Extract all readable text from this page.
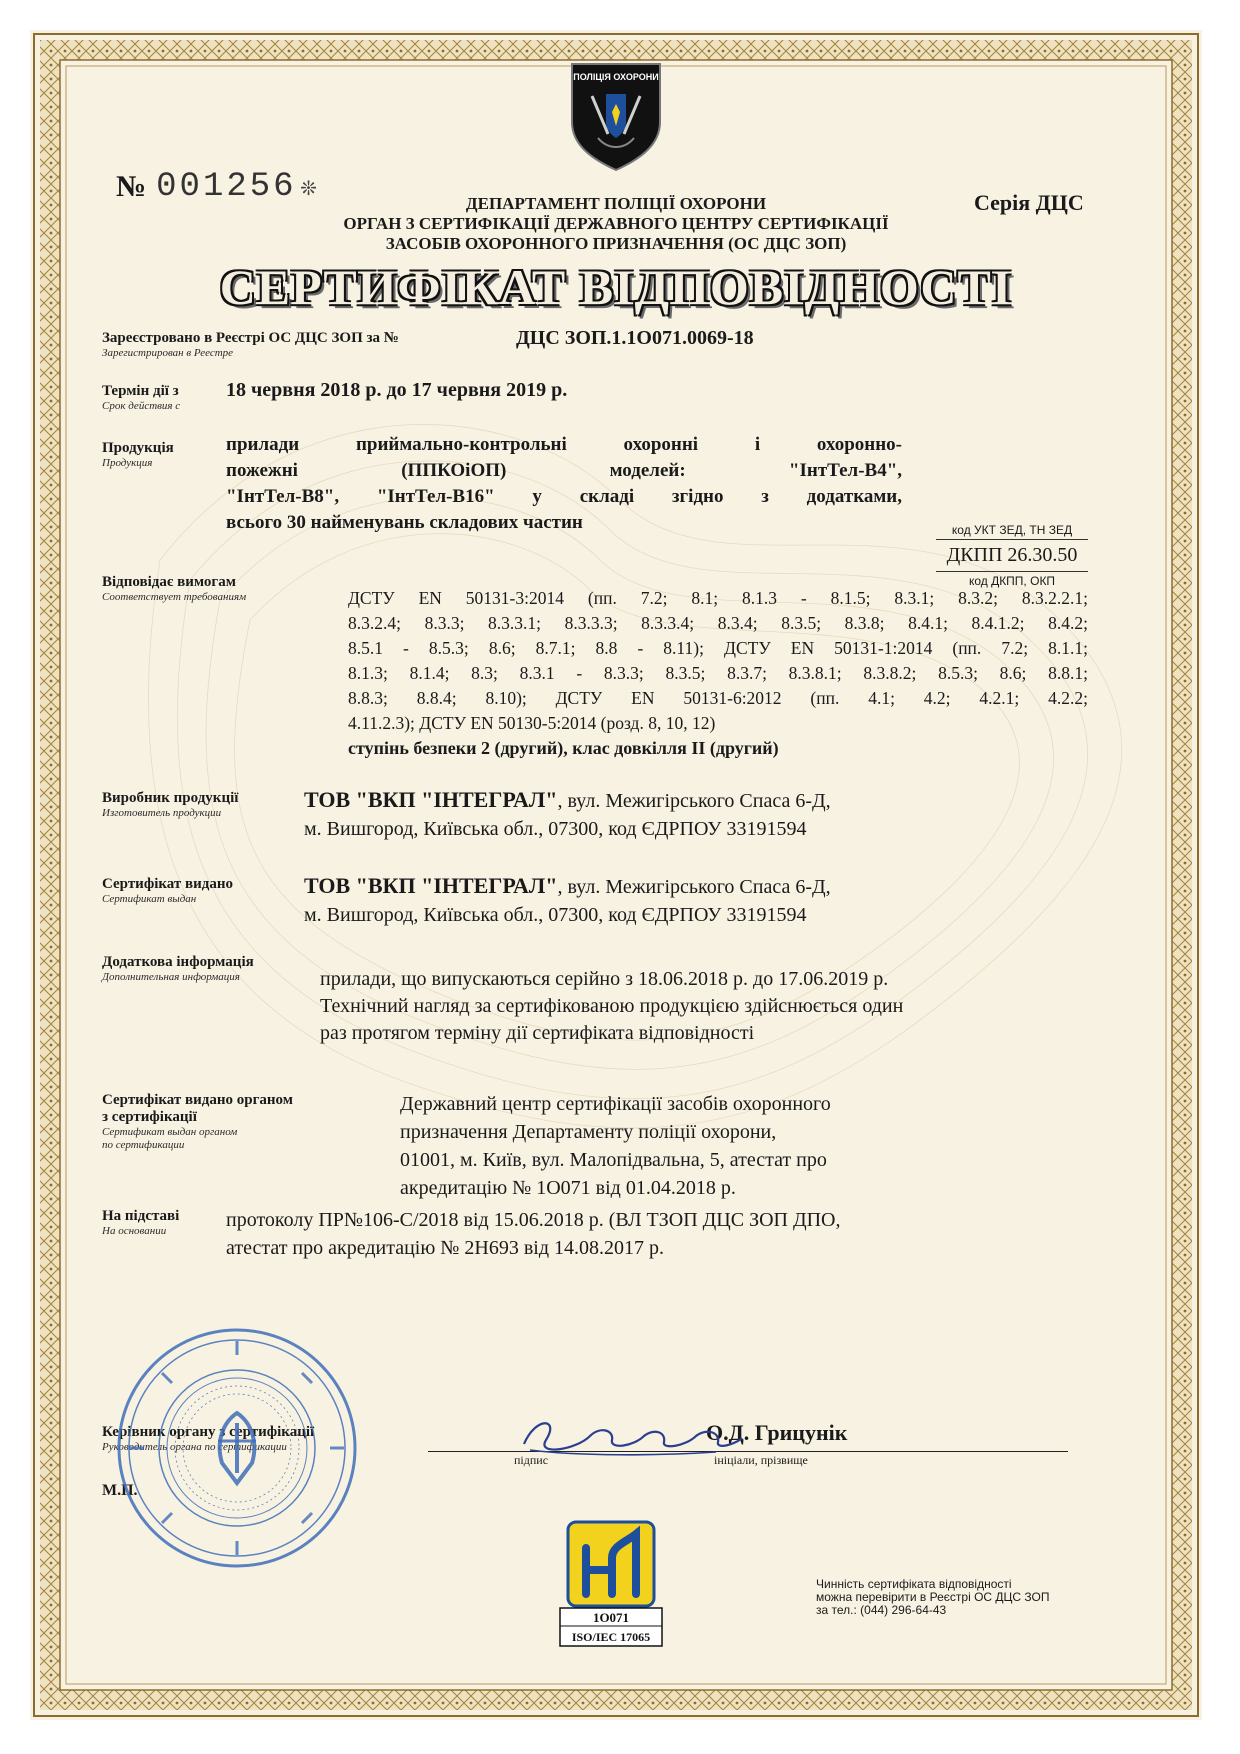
ПОЛІЦІЯ ОХОРОНИ
№ 001256 ❊	Серія ДЦС
ДЕПАРТАМЕНТ ПОЛІЦІЇ ОХОРОНИ
ОРГАН З СЕРТИФІКАЦІЇ ДЕРЖАВНОГО ЦЕНТРУ СЕРТИФІКАЦІЇ
ЗАСОБІВ ОХОРОННОГО ПРИЗНАЧЕННЯ (ОС ДЦС ЗОП)
СЕРТИФІКАТ ВІДПОВІДНОСТІ
Зареєстровано в Реєстрі ОС ДЦС ЗОП за №
Зарегистрирован в Реестре
ДЦС ЗОП.1.1О071.0069-18
Термін дії з
Срок действия с
18 червня 2018 р. до 17 червня 2019 р.
Продукція
Продукция
прилади приймально-контрольні охоронні і охоронно-
пожежні (ППКОіОП) моделей: "ІнтТел-В4",
"ІнтТел-В8", "ІнтТел-В16" у складі згідно з додатками,
всього 30 найменувань складових частин	код УКТ ЗЕД, ТН ЗЕД
ДКПП 26.30.50
код ДКПП, ОКП
Відповідає вимогам
Соответствует требованиям	ДСТУ EN 50131-3:2014 (пп. 7.2; 8.1; 8.1.3 - 8.1.5; 8.3.1; 8.3.2; 8.3.2.2.1;
8.3.2.4; 8.3.3; 8.3.3.1; 8.3.3.3; 8.3.3.4; 8.3.4; 8.3.5; 8.3.8; 8.4.1; 8.4.1.2; 8.4.2;
8.5.1 - 8.5.3; 8.6; 8.7.1; 8.8 - 8.11); ДСТУ EN 50131-1:2014 (пп. 7.2; 8.1.1;
8.1.3; 8.1.4; 8.3; 8.3.1 - 8.3.3; 8.3.5; 8.3.7; 8.3.8.1; 8.3.8.2; 8.5.3; 8.6; 8.8.1;
8.8.3; 8.8.4; 8.10); ДСТУ EN 50131-6:2012 (пп. 4.1; 4.2; 4.2.1; 4.2.2;
4.11.2.3); ДСТУ EN 50130-5:2014 (розд. 8, 10, 12)
ступінь безпеки 2 (другий), клас довкілля II (другий)
Виробник продукції
Изготовитель продукции
ТОВ "ВКП "ІНТЕГРАЛ", вул. Межигірського Спаса 6-Д,
м. Вишгород, Київська обл., 07300, код ЄДРПОУ 33191594
Сертифікат видано
Сертификат выдан
ТОВ "ВКП "ІНТЕГРАЛ", вул. Межигірського Спаса 6-Д,
м. Вишгород, Київська обл., 07300, код ЄДРПОУ 33191594
Додаткова інформація
Дополнительная информация	прилади, що випускаються серійно з 18.06.2018 р. до 17.06.2019 р.
Технічний нагляд за сертифікованою продукцією здійснюється один
раз протягом терміну дії сертифіката відповідності
Сертифікат видано органом
з сертифікації
Сертификат выдан органом
по сертификации
Державний центр сертифікації засобів охоронного
призначення Департаменту поліції охорони,
01001, м. Київ, вул. Малопідвальна, 5, атестат про
акредитацію № 1О071 від 01.04.2018 р.
На підставі
На основании	протоколу ПР№106-С/2018 від 15.06.2018 р. (ВЛ ТЗОП ДЦС ЗОП ДПО,
атестат про акредитацію № 2Н693 від 14.08.2017 р.
Керівник органу з сертифікації
Руководитель органа по сертификации
М.П.
О.Д. Грицунік
підпис	ініціали, прізвище
1О071
ISO/IEC 17065
Чинність сертифіката відповідності
можна перевірити в Реєстрі ОС ДЦС ЗОП
за тел.: (044) 296-64-43
